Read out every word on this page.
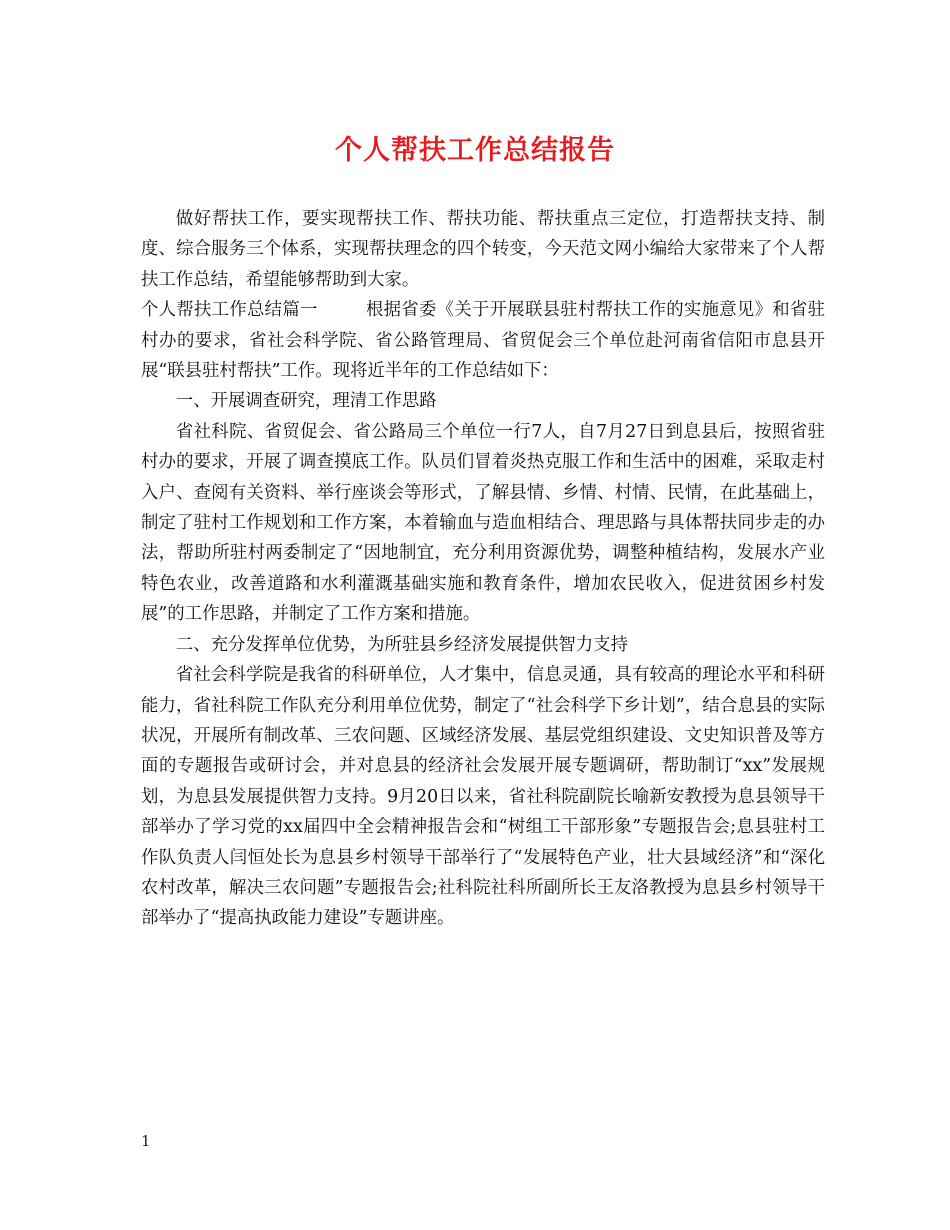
个人帮扶工作总结报告

做好帮扶工作，要实现帮扶工作、帮扶功能、帮扶重点三定位，打造帮扶支持、制度、综合服务三个体系，实现帮扶理念的四个转变，今天范文网小编给大家带来了个人帮扶工作总结，希望能够帮助到大家。

个人帮扶工作总结篇一	根据省委《关于开展联县驻村帮扶工作的实施意见》和省驻村办的要求，省社会科学院、省公路管理局、省贸促会三个单位赴河南省信阳市息县开展“联县驻村帮扶”工作。现将近半年的工作总结如下：

一、开展调查研究，理清工作思路

省社科院、省贸促会、省公路局三个单位一行7人，自7月27日到息县后，按照省驻村办的要求，开展了调查摸底工作。队员们冒着炎热克服工作和生活中的困难，采取走村入户、查阅有关资料、举行座谈会等形式，了解县情、乡情、村情、民情，在此基础上，制定了驻村工作规划和工作方案，本着输血与造血相结合、理思路与具体帮扶同步走的办法，帮助所驻村两委制定了“因地制宜，充分利用资源优势，调整种植结构，发展水产业特色农业，改善道路和水利灌溉基础实施和教育条件，增加农民收入，促进贫困乡村发展”的工作思路，并制定了工作方案和措施。

二、充分发挥单位优势，为所驻县乡经济发展提供智力支持

省社会科学院是我省的科研单位，人才集中，信息灵通，具有较高的理论水平和科研能力，省社科院工作队充分利用单位优势，制定了“社会科学下乡计划”，结合息县的实际状况，开展所有制改革、三农问题、区域经济发展、基层党组织建设、文史知识普及等方面的专题报告或研讨会，并对息县的经济社会发展开展专题调研，帮助制订“xx”发展规划，为息县发展提供智力支持。9月20日以来，省社科院副院长喻新安教授为息县领导干部举办了学习党的xx届四中全会精神报告会和“树组工干部形象”专题报告会;息县驻村工作队负责人闫恒处长为息县乡村领导干部举行了“发展特色产业，壮大县域经济”和“深化农村改革，解决三农问题”专题报告会;社科院社科所副所长王友洛教授为息县乡村领导干部举办了“提高执政能力建设”专题讲座。

1
